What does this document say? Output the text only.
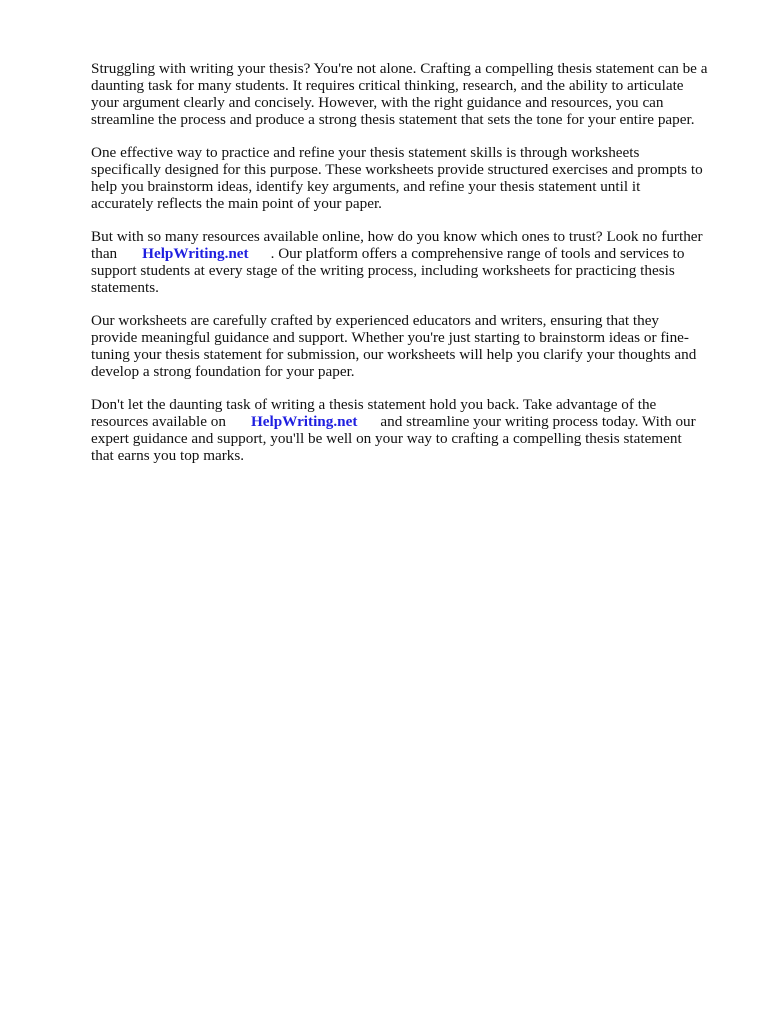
Struggling with writing your thesis? You're not alone. Crafting a compelling thesis statement can be a
daunting task for many students. It requires critical thinking, research, and the ability to articulate
your argument clearly and concisely. However, with the right guidance and resources, you can
streamline the process and produce a strong thesis statement that sets the tone for your entire paper.

One effective way to practice and refine your thesis statement skills is through worksheets
specifically designed for this purpose. These worksheets provide structured exercises and prompts to
help you brainstorm ideas, identify key arguments, and refine your thesis statement until it
accurately reflects the main point of your paper.

But with so many resources available online, how do you know which ones to trust? Look no further
than HelpWriting.net . Our platform offers a comprehensive range of tools and services to
support students at every stage of the writing process, including worksheets for practicing thesis
statements.

Our worksheets are carefully crafted by experienced educators and writers, ensuring that they
provide meaningful guidance and support. Whether you're just starting to brainstorm ideas or fine-
tuning your thesis statement for submission, our worksheets will help you clarify your thoughts and
develop a strong foundation for your paper.

Don't let the daunting task of writing a thesis statement hold you back. Take advantage of the
resources available on HelpWriting.net and streamline your writing process today. With our
expert guidance and support, you'll be well on your way to crafting a compelling thesis statement
that earns you top marks.
